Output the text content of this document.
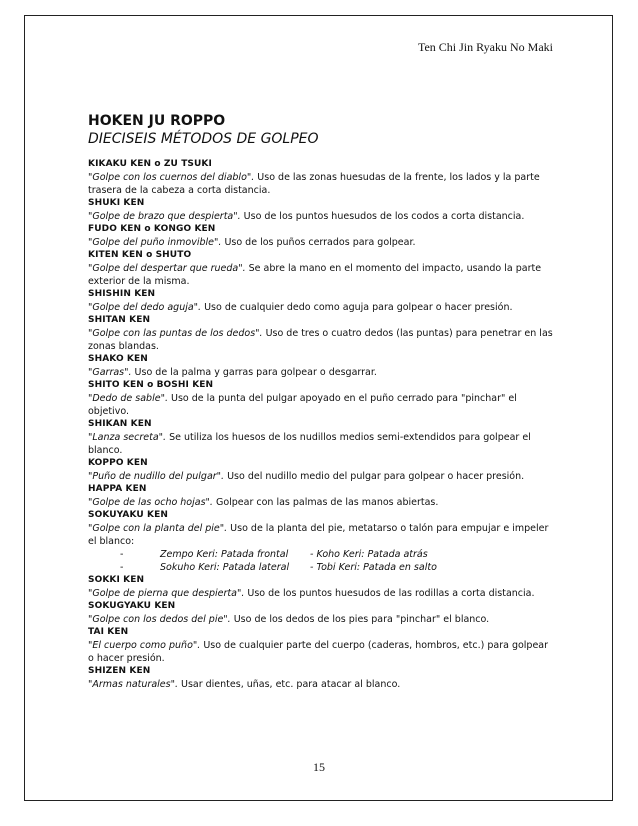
Ten Chi Jin Ryaku No Maki

HOKEN JU ROPPO

DIECISEIS MÉTODOS DE GOLPEO

KIKAKU KEN o ZU TSUKI

"Golpe con los cuernos del diablo". Uso de las zonas huesudas de la frente, los lados y la parte trasera de la cabeza a corta distancia.

SHUKI KEN

"Golpe de brazo que despierta". Uso de los puntos huesudos de los codos a corta distancia.

FUDO KEN o KONGO KEN

"Golpe del puño inmovible". Uso de los puños cerrados para golpear.

KITEN KEN o SHUTO

"Golpe del despertar que rueda". Se abre la mano en el momento del impacto, usando la parte exterior de la misma.

SHISHIN KEN

"Golpe del dedo aguja". Uso de cualquier dedo como aguja para golpear o hacer presión.

SHITAN KEN

"Golpe con las puntas de los dedos". Uso de tres o cuatro dedos (las puntas) para penetrar en las zonas blandas.

SHAKO KEN

"Garras". Uso de la palma y garras para golpear o desgarrar.

SHITO KEN o BOSHI KEN

"Dedo de sable". Uso de la punta del pulgar apoyado en el puño cerrado para "pinchar" el objetivo.

SHIKAN KEN

"Lanza secreta". Se utiliza los huesos de los nudillos medios semi-extendidos para golpear el blanco.

KOPPO KEN

"Puño de nudillo del pulgar". Uso del nudillo medio del pulgar para golpear o hacer presión.

HAPPA KEN

"Golpe de las ocho hojas". Golpear con las palmas de las manos abiertas.

SOKUYAKU KEN

"Golpe con la planta del pie". Uso de la planta del pie, metatarso o talón para empujar e impeler el blanco:

-	Zempo Keri: Patada frontal	- Koho Keri: Patada atrás
-	Sokuho Keri: Patada lateral	- Tobi Keri: Patada en salto

SOKKI KEN

"Golpe de pierna que despierta". Uso de los puntos huesudos de las rodillas a corta distancia.

SOKUGYAKU KEN

"Golpe con los dedos del pie". Uso de los dedos de los pies para "pinchar" el blanco.

TAI KEN

"El cuerpo como puño". Uso de cualquier parte del cuerpo (caderas, hombros, etc.) para golpear o hacer presión.

SHIZEN KEN

"Armas naturales". Usar dientes, uñas, etc. para atacar al blanco.

15
